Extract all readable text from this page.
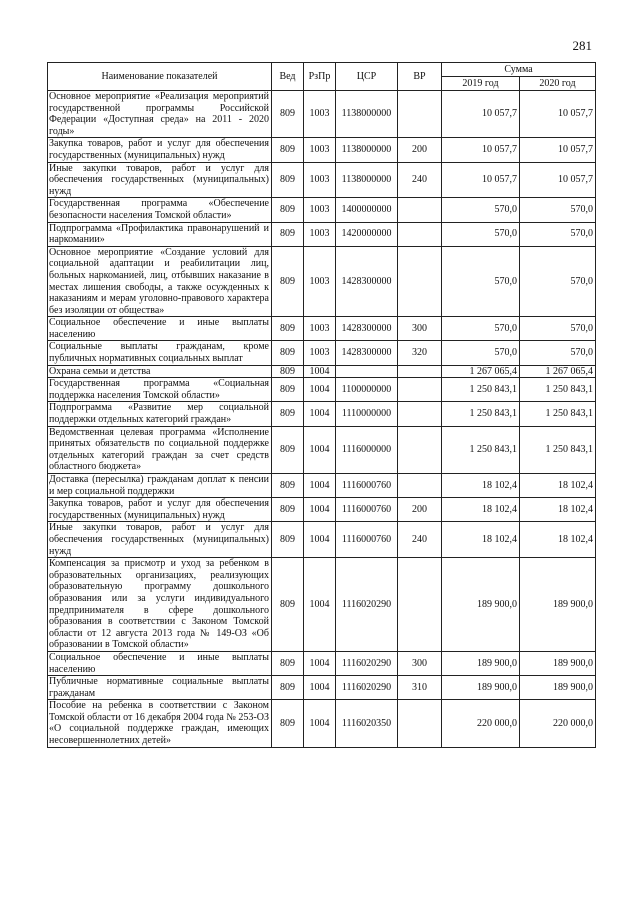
281
Наименование показателей	Вед	РзПр	ЦСР	ВР	Сумма	
					2019 год	2020 год
Основное мероприятие «Реализация мероприятий государственной программы Российской Федерации «Доступная среда» на 2011 - 2020 годы»	809	1003	1138000000		10 057,7	10 057,7
Закупка товаров, работ и услуг для обеспечения государственных (муниципальных) нужд	809	1003	1138000000	200	10 057,7	10 057,7
Иные закупки товаров, работ и услуг для обеспечения государственных (муниципальных) нужд	809	1003	1138000000	240	10 057,7	10 057,7
Государственная программа «Обеспечение безопасности населения Томской области»	809	1003	1400000000		570,0	570,0
Подпрограмма «Профилактика правонарушений и наркомании»	809	1003	1420000000		570,0	570,0
Основное мероприятие «Создание условий для социальной адаптации и реабилитации лиц, больных наркоманией, лиц, отбывших наказание в местах лишения свободы, а также осужденных к наказаниям и мерам уголовно-правового характера без изоляции от общества»	809	1003	1428300000		570,0	570,0
Социальное обеспечение и иные выплаты населению	809	1003	1428300000	300	570,0	570,0
Социальные выплаты гражданам, кроме публичных нормативных социальных выплат	809	1003	1428300000	320	570,0	570,0
Охрана семьи и детства	809	1004			1 267 065,4	1 267 065,4
Государственная программа «Социальная поддержка населения Томской области»	809	1004	1100000000		1 250 843,1	1 250 843,1
Подпрограмма «Развитие мер социальной поддержки отдельных категорий граждан»	809	1004	1110000000		1 250 843,1	1 250 843,1
Ведомственная целевая программа «Исполнение принятых обязательств по социальной поддержке отдельных категорий граждан за счет средств областного бюджета»	809	1004	1116000000		1 250 843,1	1 250 843,1
Доставка (пересылка) гражданам доплат к пенсии и мер социальной поддержки	809	1004	1116000760		18 102,4	18 102,4
Закупка товаров, работ и услуг для обеспечения государственных (муниципальных) нужд	809	1004	1116000760	200	18 102,4	18 102,4
Иные закупки товаров, работ и услуг для обеспечения государственных (муниципальных) нужд	809	1004	1116000760	240	18 102,4	18 102,4
Компенсация за присмотр и уход за ребенком в образовательных организациях, реализующих образовательную программу дошкольного образования или за услуги индивидуального предпринимателя в сфере дошкольного образования в соответствии с Законом Томской области от 12 августа 2013 года № 149-ОЗ «Об образовании в Томской области»	809	1004	1116020290		189 900,0	189 900,0
Социальное обеспечение и иные выплаты населению	809	1004	1116020290	300	189 900,0	189 900,0
Публичные нормативные социальные выплаты гражданам	809	1004	1116020290	310	189 900,0	189 900,0
Пособие на ребенка в соответствии с Законом Томской области от 16 декабря 2004 года № 253-ОЗ «О социальной поддержке граждан, имеющих несовершеннолетних детей»	809	1004	1116020350		220 000,0	220 000,0
